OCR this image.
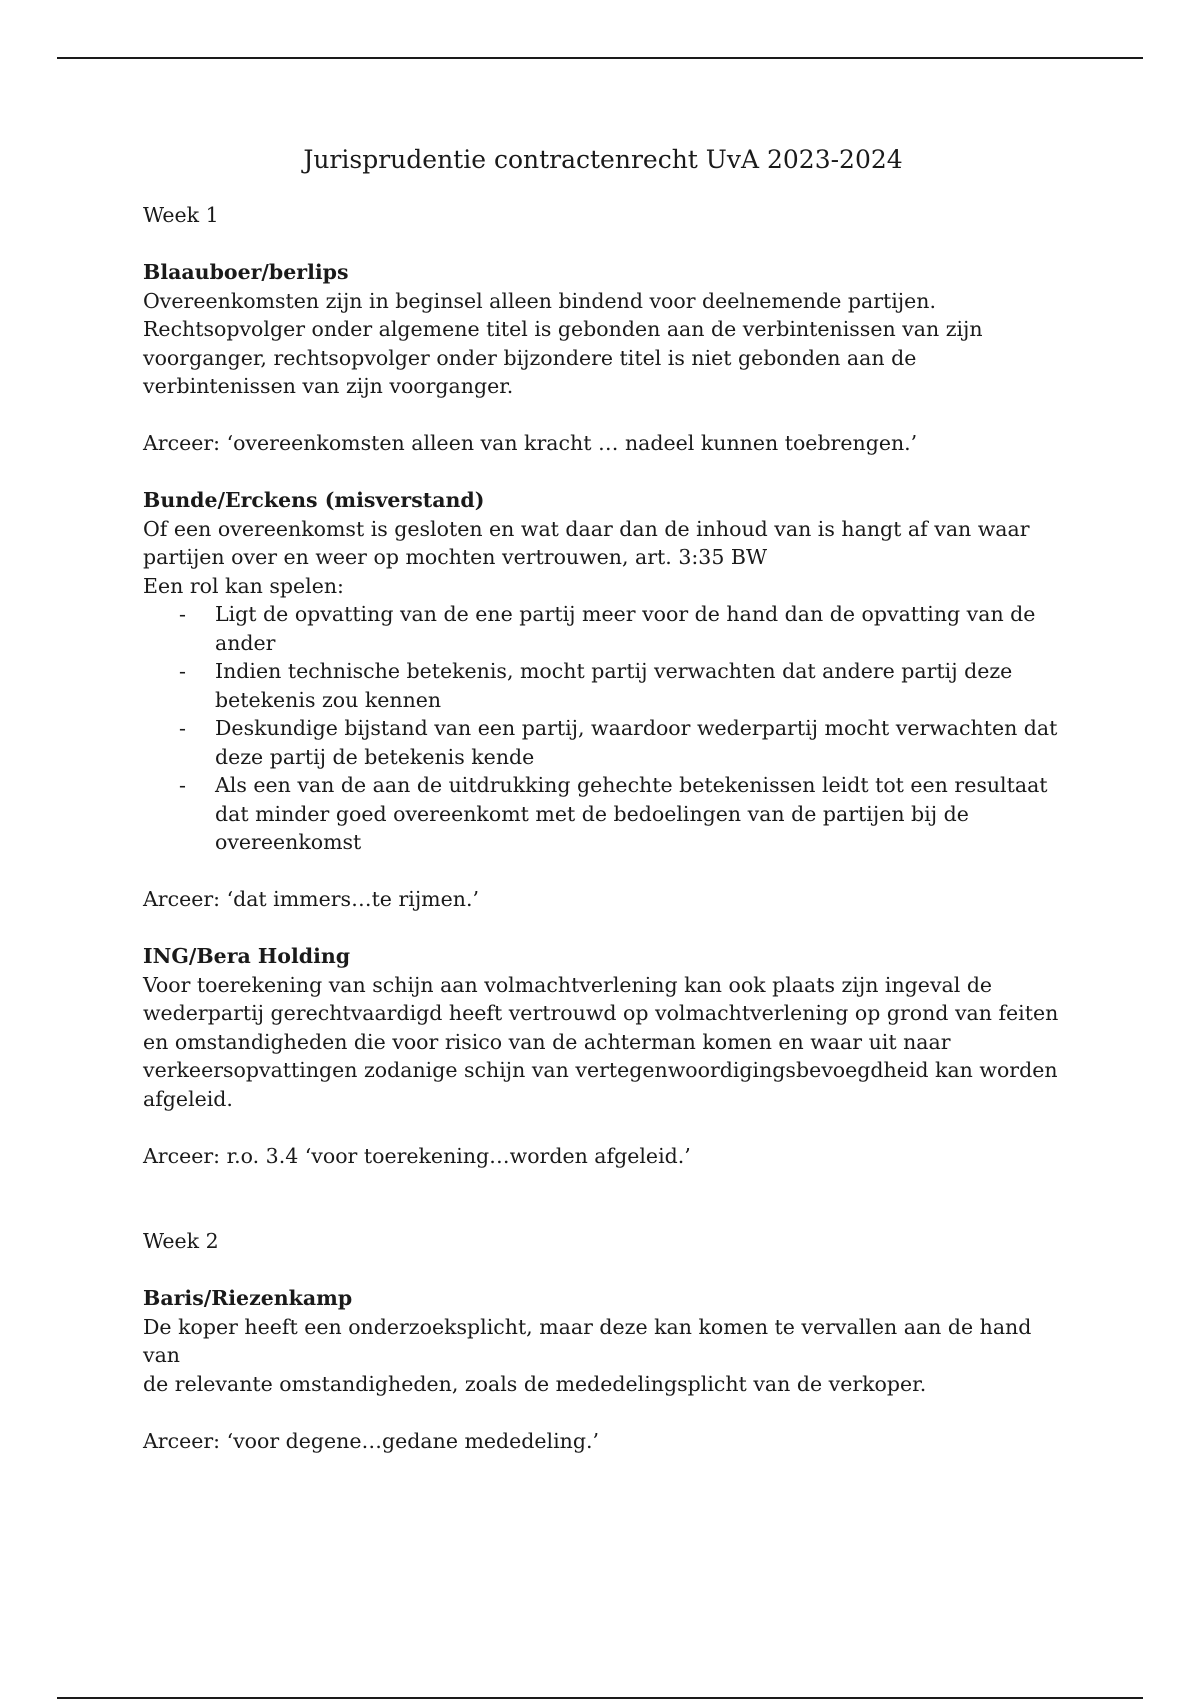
Jurisprudentie contractenrecht UvA 2023-2024

Week 1

Blaauboer/berlips

Overeenkomsten zijn in beginsel alleen bindend voor deelnemende partijen.

Rechtsopvolger onder algemene titel is gebonden aan de verbintenissen van zijn

voorganger, rechtsopvolger onder bijzondere titel is niet gebonden aan de

verbintenissen van zijn voorganger.

Arceer: ‘overeenkomsten alleen van kracht … nadeel kunnen toebrengen.’

Bunde/Erckens (misverstand)

Of een overeenkomst is gesloten en wat daar dan de inhoud van is hangt af van waar

partijen over en weer op mochten vertrouwen, art. 3:35 BW

Een rol kan spelen:

- Ligt de opvatting van de ene partij meer voor de hand dan de opvatting van de
ander
- Indien technische betekenis, mocht partij verwachten dat andere partij deze
betekenis zou kennen
- Deskundige bijstand van een partij, waardoor wederpartij mocht verwachten dat
deze partij de betekenis kende
- Als een van de aan de uitdrukking gehechte betekenissen leidt tot een resultaat
dat minder goed overeenkomt met de bedoelingen van de partijen bij de
overeenkomst

Arceer: ‘dat immers…te rijmen.’

ING/Bera Holding

Voor toerekening van schijn aan volmachtverlening kan ook plaats zijn ingeval de

wederpartij gerechtvaardigd heeft vertrouwd op volmachtverlening op grond van feiten

en omstandigheden die voor risico van de achterman komen en waar uit naar

verkeersopvattingen zodanige schijn van vertegenwoordigingsbevoegdheid kan worden

afgeleid.

Arceer: r.o. 3.4 ‘voor toerekening…worden afgeleid.’

Week 2

Baris/Riezenkamp

De koper heeft een onderzoeksplicht, maar deze kan komen te vervallen aan de hand van

de relevante omstandigheden, zoals de mededelingsplicht van de verkoper.

Arceer: ‘voor degene…gedane mededeling.’
